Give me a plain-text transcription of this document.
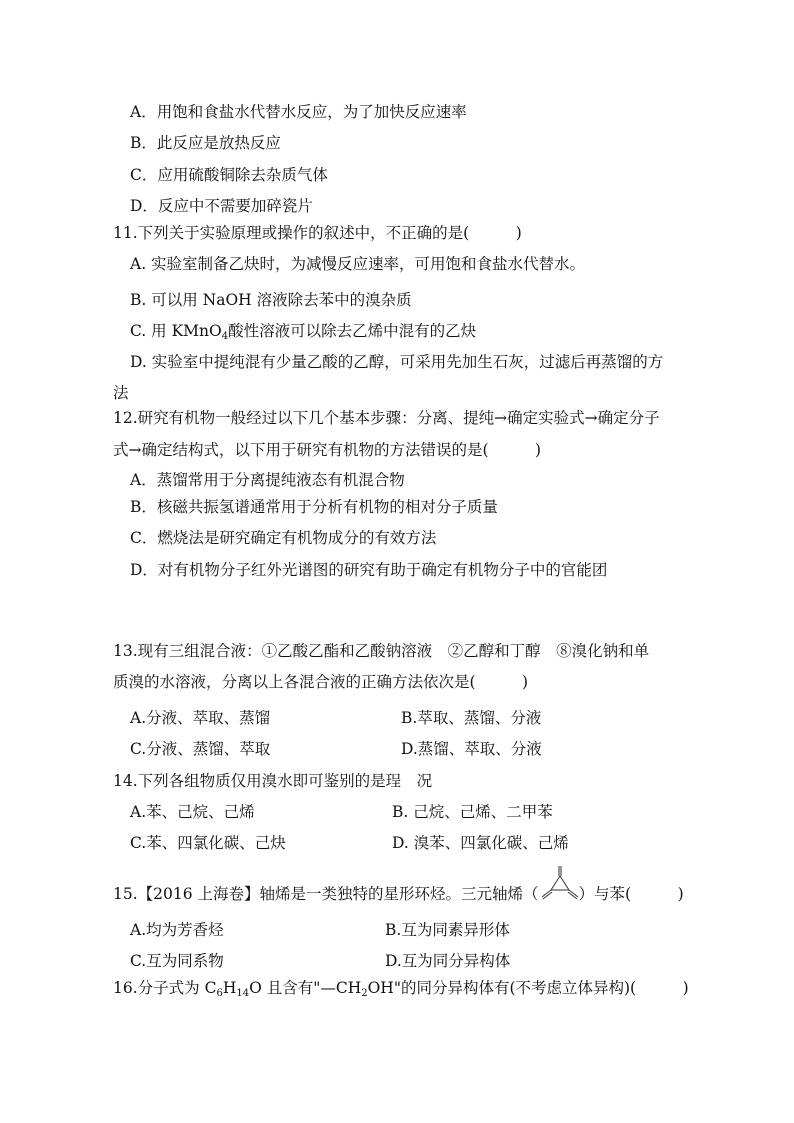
A．用饱和食盐水代替水反应，为了加快反应速率
B．此反应是放热反应
C．应用硫酸铜除去杂质气体
D．反应中不需要加碎瓷片
11.下列关于实验原理或操作的叙述中，不正确的是(　　　)
A. 实验室制备乙炔时，为减慢反应速率，可用饱和食盐水代替水。
B. 可以用 NaOH 溶液除去苯中的溴杂质
C. 用 KMnO$_4$酸性溶液可以除去乙烯中混有的乙炔
D. 实验室中提纯混有少量乙酸的乙醇，可采用先加生石灰，过滤后再蒸馏的方
法
12.研究有机物一般经过以下几个基本步骤：分离、提纯→确定实验式→确定分子
式→确定结构式，以下用于研究有机物的方法错误的是(　　　)
A．蒸馏常用于分离提纯液态有机混合物
B．核磁共振氢谱通常用于分析有机物的相对分子质量
C．燃烧法是研究确定有机物成分的有效方法
D．对有机物分子红外光谱图的研究有助于确定有机物分子中的官能团
13.现有三组混合液：①乙酸乙酯和乙酸钠溶液　②乙醇和丁醇　⑧溴化钠和单
质溴的水溶液，分离以上各混合液的正确方法依次是(　　　)
A.分液、萃取、蒸馏	B.萃取、蒸馏、分液
C.分液、蒸馏、萃取	D.蒸馏、萃取、分液
14.下列各组物质仅用溴水即可鉴别的是珵　况
A.苯、己烷、己烯	B. 己烷、己烯、二甲苯
C.苯、四氯化碳、己炔	D. 溴苯、四氯化碳、己烯
15.【2016 上海卷】轴烯是一类独特的星形环烃。三元轴烯（	）与苯(　　　)
A.均为芳香烃	B.互为同素异形体
C.互为同系物	D.互为同分异构体
16.分子式为 $C_6H_{14}O$ 且含有"$—CH_2OH$"的同分异构体有(不考虑立体异构)(　　　)
